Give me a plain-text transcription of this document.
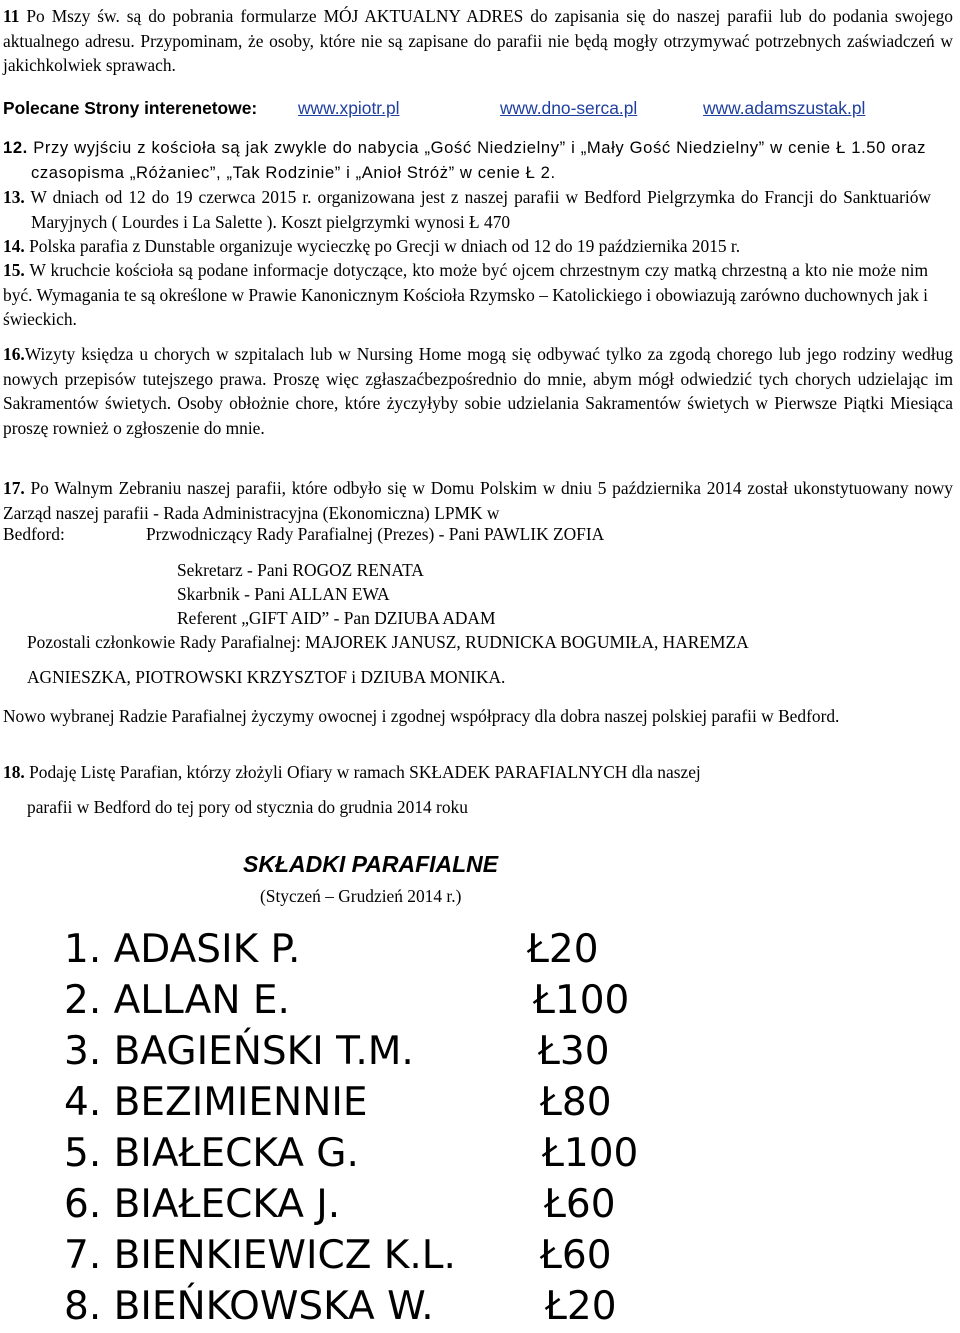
11 Po Mszy św. są do pobrania formularze MÓJ AKTUALNY ADRES do zapisania się do naszej parafii lub do podania swojego aktualnego adresu. Przypominam, że osoby, które nie są zapisane do parafii nie będą mogły otrzymywać potrzebnych zaświadczeń w jakichkolwiek sprawach.

Polecane Strony interenetowe: www.xpiotr.pl	www.dno-serca.pl	www.adamszustak.pl

12. Przy wyjściu z kościoła są jak zwykle do nabycia „Gość Niedzielny” i „Mały Gość Niedzielny” w cenie Ł 1.50 oraz czasopisma „Różaniec”, „Tak Rodzinie” i „Anioł Stróż” w cenie Ł 2.

13. W dniach od 12 do 19 czerwca 2015 r. organizowana jest z naszej parafii w Bedford Pielgrzymka do Francji do Sanktuariów Maryjnych ( Lourdes i La Salette ). Koszt pielgrzymki wynosi Ł 470

14. Polska parafia z Dunstable organizuje wycieczkę po Grecji w dniach od 12 do 19 października 2015 r.

15. W kruchcie kościoła są podane informacje dotyczące, kto może być ojcem chrzestnym czy matką chrzestną a kto nie może nim być. Wymagania te są określone w Prawie Kanonicznym Kościoła Rzymsko – Katolickiego i obowiazują zarówno duchownych jak i świeckich.

16.Wizyty księdza u chorych w szpitalach lub w Nursing Home mogą się odbywać tylko za zgodą chorego lub jego rodziny według nowych przepisów tutejszego prawa. Proszę więc zgłaszaćbezpośrednio do mnie, abym mógł odwiedzić tych chorych udzielając im Sakramentów świetych. Osoby obłożnie chore, które życzyłyby sobie udzielania Sakramentów świetych w Pierwsze Piątki Miesiąca proszę rownież o zgłoszenie do mnie.

17. Po Walnym Zebraniu naszej parafii, które odbyło się w Domu Polskim w dniu 5 października 2014 został ukonstytuowany nowy Zarząd naszej parafii - Rada Administracyjna (Ekonomiczna) LPMK w

Bedford:	Przwodniczący Rady Parafialnej (Prezes) - Pani PAWLIK ZOFIA
Sekretarz - Pani ROGOZ RENATA
Skarbnik - Pani ALLAN EWA
Referent „GIFT AID” - Pan DZIUBA ADAM
Pozostali członkowie Rady Parafialnej: MAJOREK JANUSZ, RUDNICKA BOGUMIŁA, HAREMZA
AGNIESZKA, PIOTROWSKI KRZYSZTOF i DZIUBA MONIKA.

Nowo wybranej Radzie Parafialnej życzymy owocnej i zgodnej współpracy dla dobra naszej polskiej parafii w Bedford.

18. Podaję Listę Parafian, którzy złożyli Ofiary w ramach SKŁADEK PARAFIALNYCH dla naszej
parafii w Bedford do tej pory od stycznia do grudnia 2014 roku
SKŁADKI PARAFIALNE
(Styczeń – Grudzień 2014 r.)
1. ADASIK P.	Ł20
2. ALLAN E.	Ł100
3. BAGIEŃSKI T.M.	Ł30
4. BEZIMIENNIE	Ł80
5. BIAŁECKA G.	Ł100
6. BIAŁECKA J.	Ł60
7. BIENKIEWICZ K.L. Ł60
8. BIEŃKOWSKA W.	Ł20
